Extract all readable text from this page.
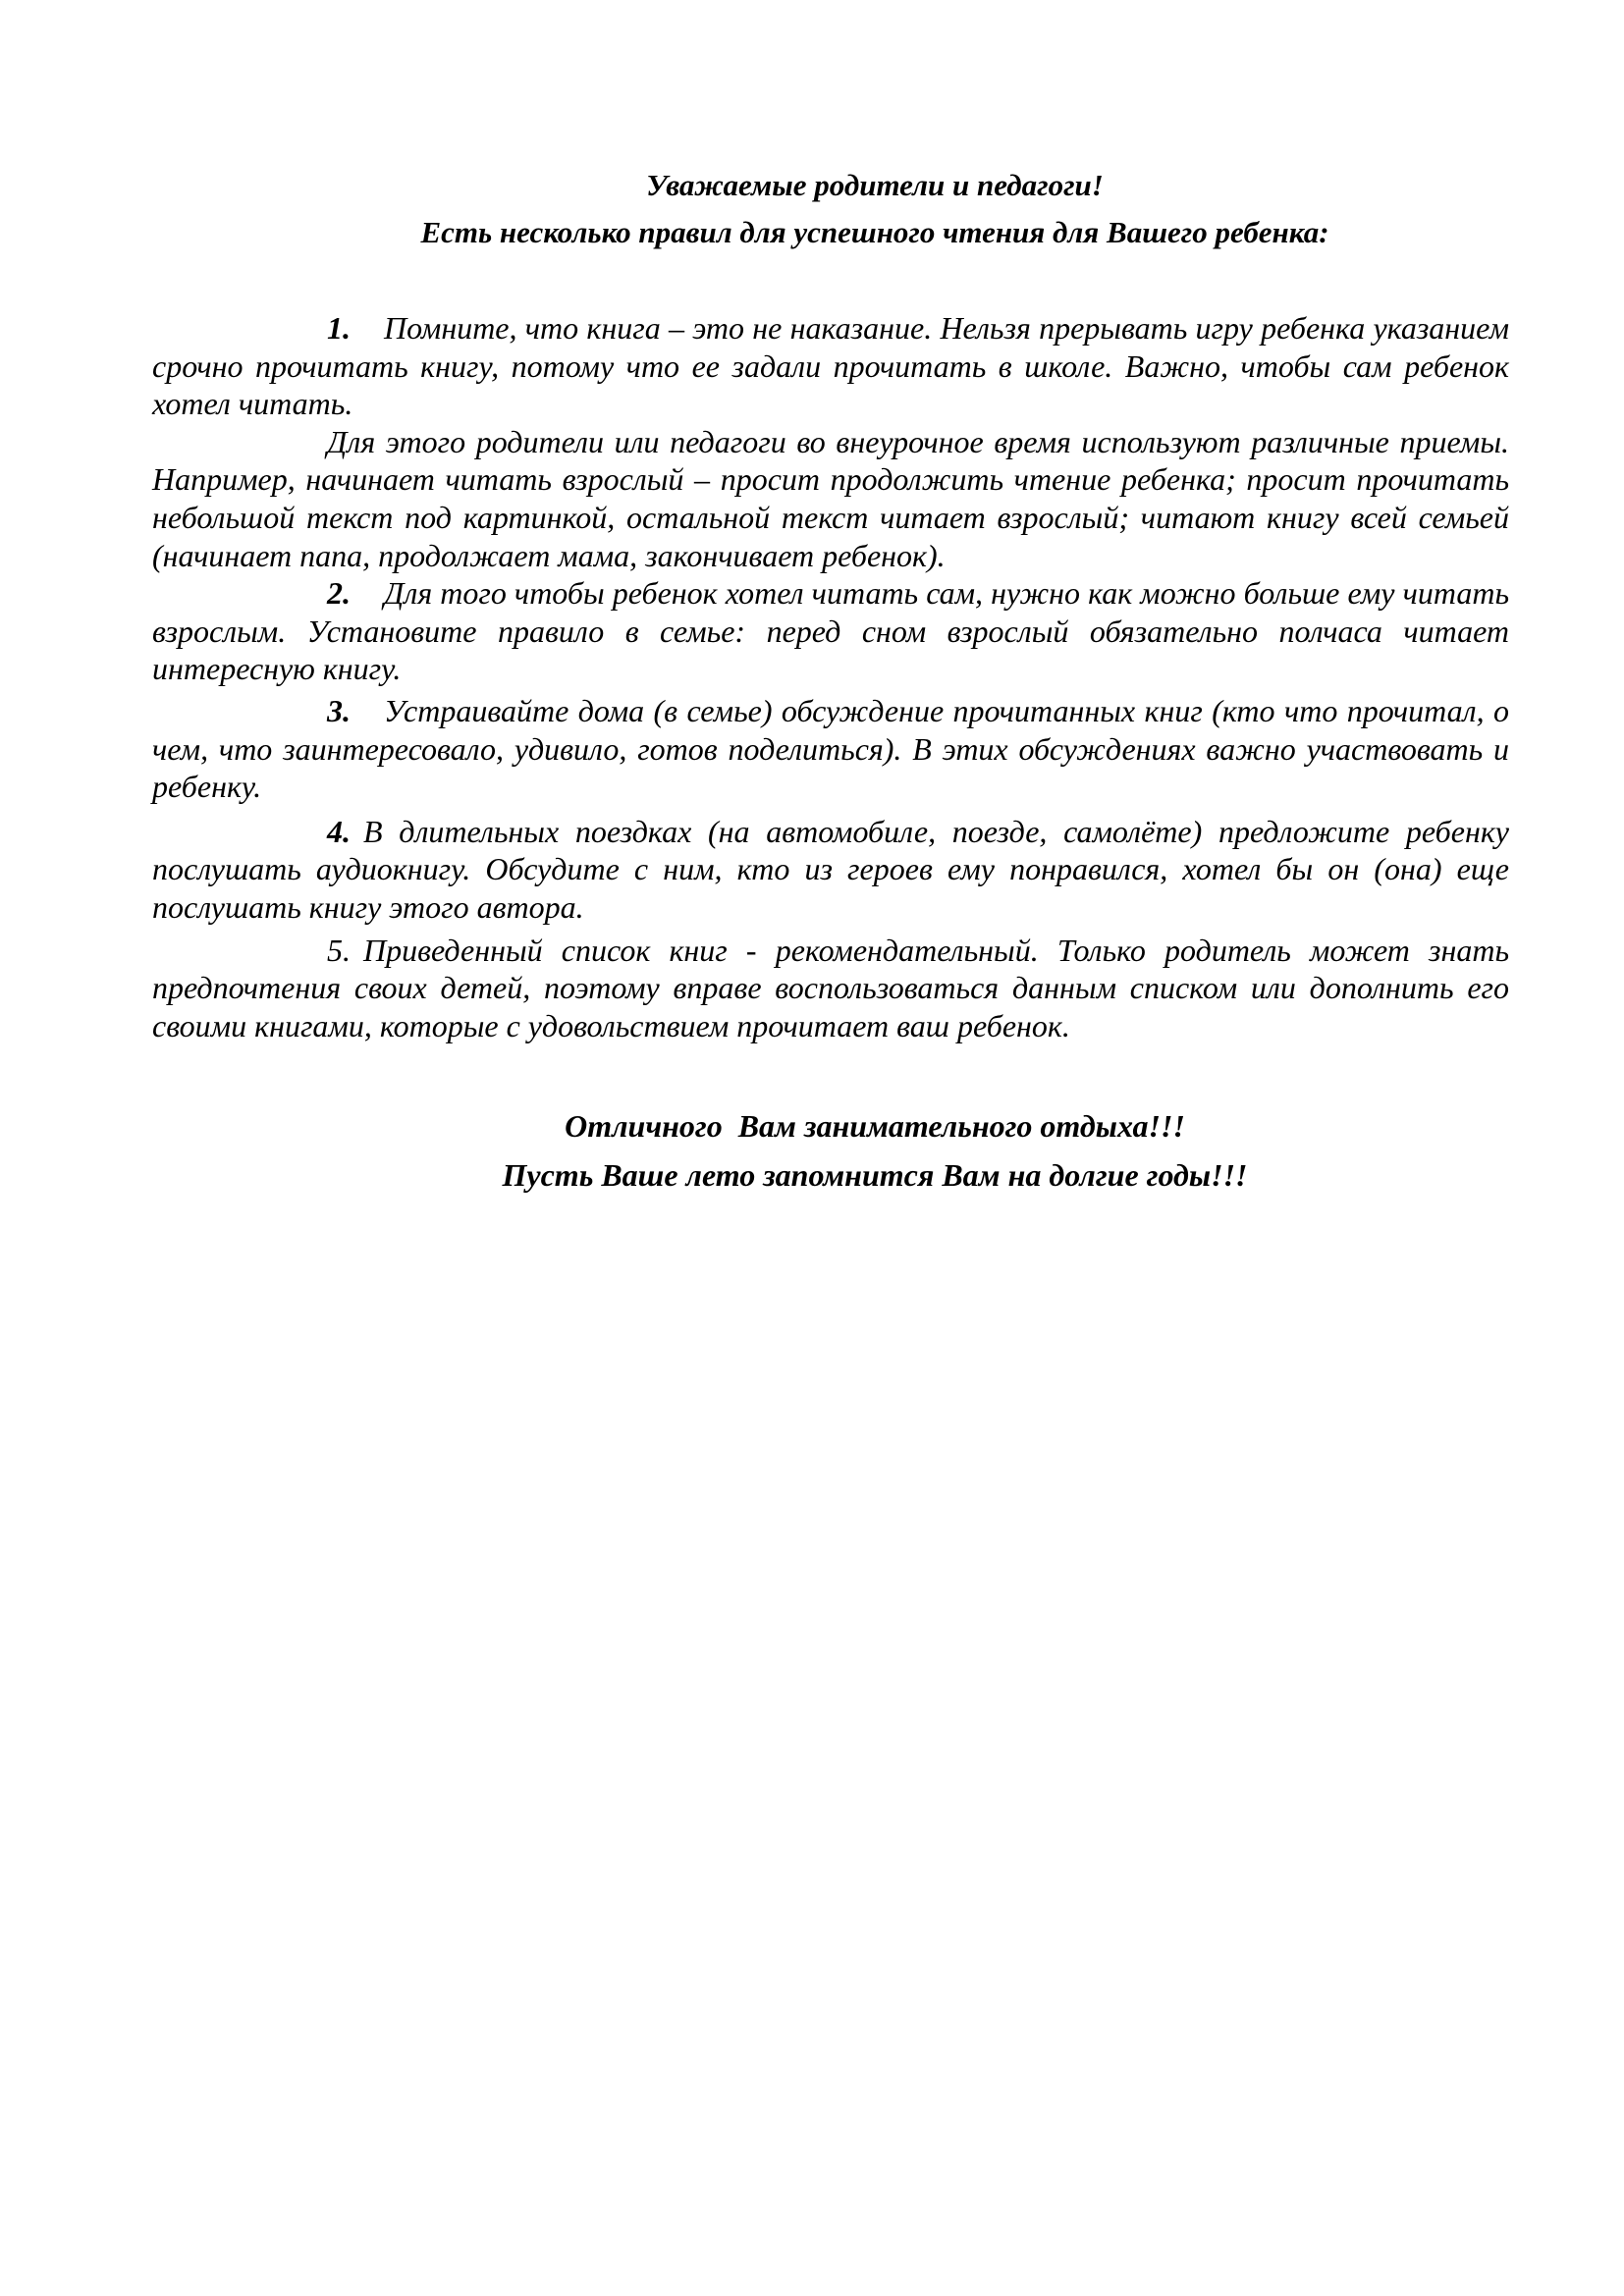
Уважаемые родители и педагоги!
Есть несколько правил для успешного чтения для Вашего ребенка:

1. Помните, что книга – это не наказание. Нельзя прерывать игру ребенка указанием срочно прочитать книгу, потому что ее задали прочитать в школе. Важно, чтобы сам ребенок хотел читать.

Для этого родители или педагоги во внеурочное время используют различные приемы. Например, начинает читать взрослый – просит продолжить чтение ребенка; просит прочитать небольшой текст под картинкой, остальной текст читает взрослый; читают книгу всей семьей (начинает папа, продолжает мама, закончивает ребенок).

2. Для того чтобы ребенок хотел читать сам, нужно как можно больше ему читать взрослым. Установите правило в семье: перед сном взрослый обязательно полчаса читает интересную книгу.

3. Устраивайте дома (в семье) обсуждение прочитанных книг (кто что прочитал, о чем, что заинтересовало, удивило, готов поделиться). В этих обсуждениях важно участвовать и ребенку.

4. В длительных поездках (на автомобиле, поезде, самолёте) предложите ребенку послушать аудиокнигу. Обсудите с ним, кто из героев ему понравился, хотел бы он (она) еще послушать книгу этого автора.

5. Приведенный список книг - рекомендательный. Только родитель может знать предпочтения своих детей, поэтому вправе воспользоваться данным списком или дополнить его своими книгами, которые с удовольствием прочитает ваш ребенок.

Отличного  Вам занимательного отдыха!!!

Пусть Ваше лето запомнится Вам на долгие годы!!!
